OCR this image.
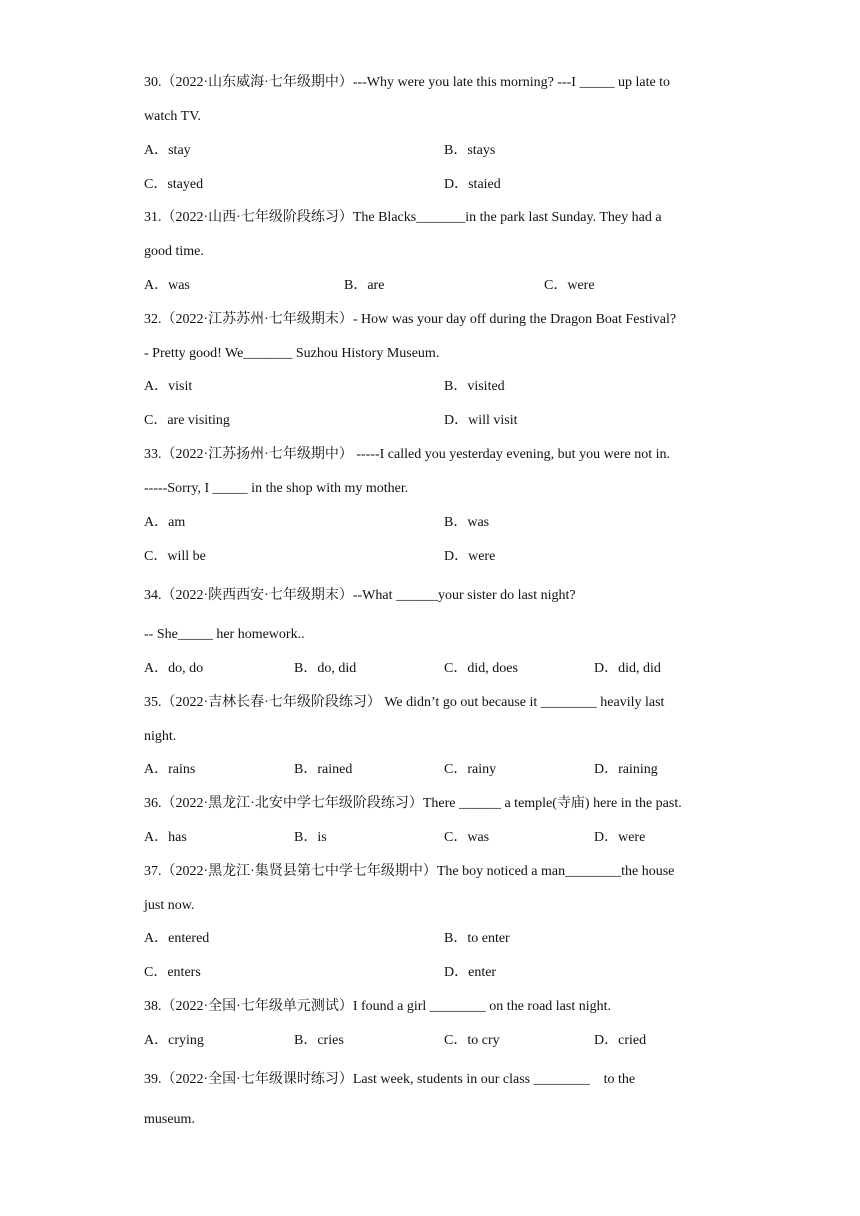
30.（2022·山东威海·七年级期中）---Why were you late this morning? ---I _____ up late to
watch TV.
A．stay	B．stays
C．stayed	D．staied
31.（2022·山西·七年级阶段练习）The Blacks_______in the park last Sunday. They had a
good time.
A．was	B．are	C．were
32.（2022·江苏苏州·七年级期末）- How was your day off during the Dragon Boat Festival?
- Pretty good! We_______ Suzhou History Museum.
A．visit	B．visited
C．are visiting	D．will visit
33.（2022·江苏扬州·七年级期中） -----I called you yesterday evening, but you were not in.
-----Sorry, I _____ in the shop with my mother.
A．am	B．was
C．will be	D．were
34.（2022·陕西西安·七年级期末）--What ______your sister do last night?
-- She_____ her homework..
A．do, do	B．do, did	C．did, does	D．did, did
35.（2022·吉林长春·七年级阶段练习） We didn’t go out because it ________ heavily last
night.
A．rains	B．rained	C．rainy	D．raining
36.（2022·黑龙江·北安中学七年级阶段练习）There ______ a temple(寺庙) here in the past.
A．has	B．is	C．was	D．were
37.（2022·黑龙江·集贤县第七中学七年级期中）The boy noticed a man________the house
just now.
A．entered	B．to enter
C．enters	D．enter
38.（2022·全国·七年级单元测试）I found a girl ________ on the road last night.
A．crying	B．cries	C．to cry	D．cried
39.（2022·全国·七年级课时练习）Last week, students in our class ________　to the
museum.
